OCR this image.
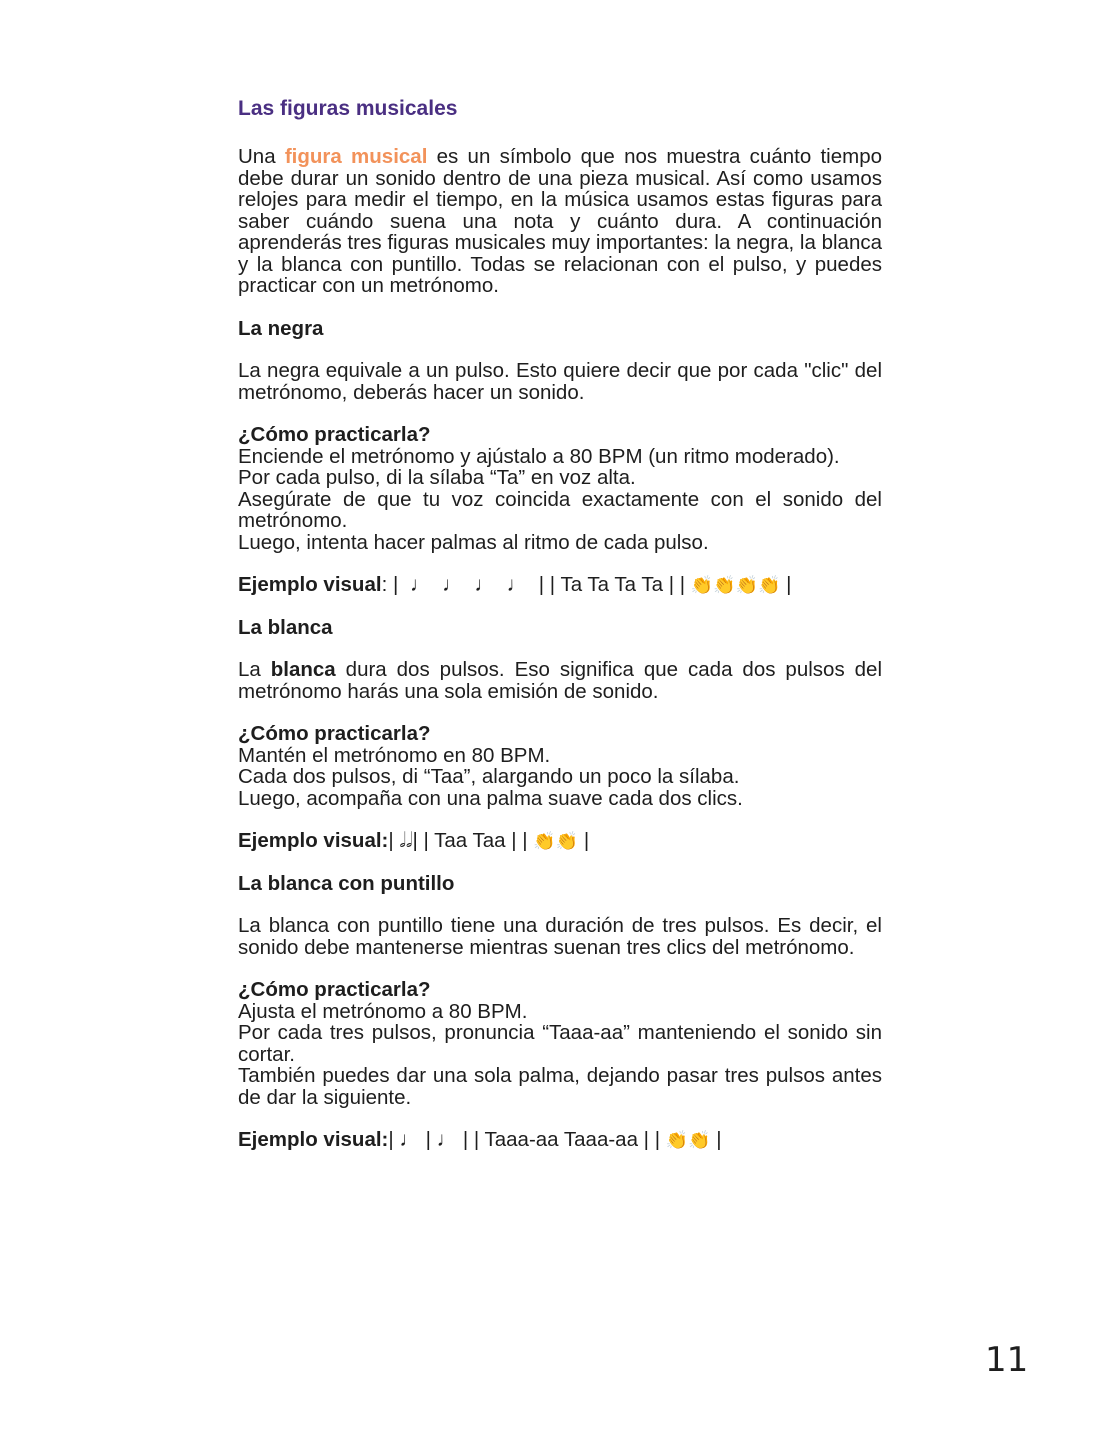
Las figuras musicales

Una figura musical es un símbolo que nos muestra cuánto tiempo debe durar un sonido dentro de una pieza musical. Así como usamos relojes para medir el tiempo, en la música usamos estas figuras para saber cuándo suena una nota y cuánto dura. A continuación aprenderás tres figuras musicales muy importantes: la negra, la blanca y la blanca con puntillo. Todas se relacionan con el pulso, y puedes practicar con un metrónomo.

La negra

La negra equivale a un pulso. Esto quiere decir que por cada "clic" del metrónomo, deberás hacer un sonido.

¿Cómo practicarla?

Enciende el metrónomo y ajústalo a 80 BPM (un ritmo moderado).

Por cada pulso, di la sílaba “Ta” en voz alta.

Asegúrate de que tu voz coincida exactamente con el sonido del metrónomo.

Luego, intenta hacer palmas al ritmo de cada pulso.

Ejemplo visual: | ♩ ♩ ♩ ♩ | | Ta Ta Ta Ta | | 👏👏👏👏 |

La blanca

La blanca dura dos pulsos. Eso significa que cada dos pulsos del metrónomo harás una sola emisión de sonido.

¿Cómo practicarla?

Mantén el metrónomo en 80 BPM.

Cada dos pulsos, di “Taa”, alargando un poco la sílaba.

Luego, acompaña con una palma suave cada dos clics.

Ejemplo visual:| 𝅗𝅥𝅗𝅥| | Taa Taa | | 👏👏 |

La blanca con puntillo

La blanca con puntillo tiene una duración de tres pulsos. Es decir, el sonido debe mantenerse mientras suenan tres clics del metrónomo.

¿Cómo practicarla?

Ajusta el metrónomo a 80 BPM.

Por cada tres pulsos, pronuncia “Taaa-aa” manteniendo el sonido sin cortar.

También puedes dar una sola palma, dejando pasar tres pulsos antes de dar la siguiente.

Ejemplo visual:| ♩ | ♩ | | Taaa-aa Taaa-aa | | 👏👏 |

11
